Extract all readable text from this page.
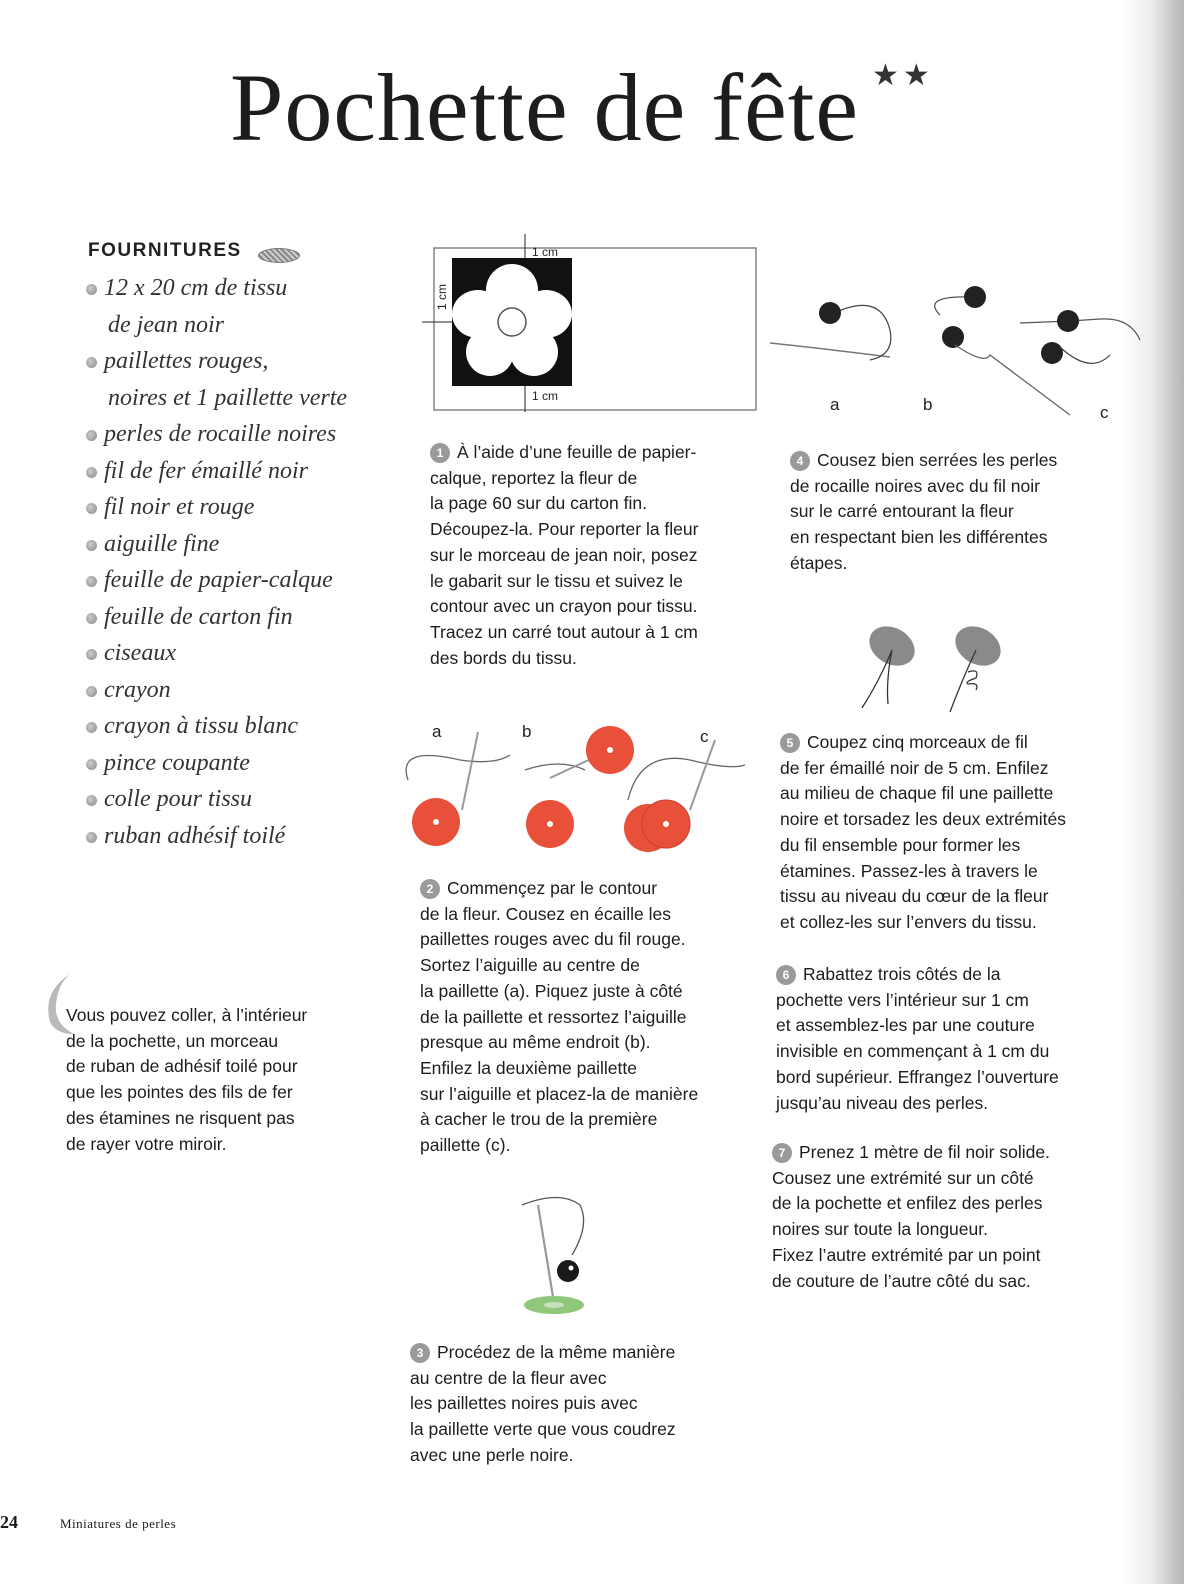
Pochette de fête ★★
FOURNITURES
12 x 20 cm de tissu
de jean noir
paillettes rouges,
noires et 1 paillette verte
perles de rocaille noires
fil de fer émaillé noir
fil noir et rouge
aiguille fine
feuille de papier-calque
feuille de carton fin
ciseaux
crayon
crayon à tissu blanc
pince coupante
colle pour tissu
ruban adhésif toilé
1 cm
1 cm
1 cm
1 À l’aide d’une feuille de papier-
calque, reportez la fleur de
la page 60 sur du carton fin.
Découpez-la. Pour reporter la fleur
sur le morceau de jean noir, posez
le gabarit sur le tissu et suivez le
contour avec un crayon pour tissu.
Tracez un carré tout autour à 1 cm
des bords du tissu.
a	b	c
4 Cousez bien serrées les perles
de rocaille noires avec du fil noir
sur le carré entourant la fleur
en respectant bien les différentes
étapes.
a	b	c	5 Coupez cinq morceaux de fil
de fer émaillé noir de 5 cm. Enfilez
au milieu de chaque fil une paillette
noire et torsadez les deux extrémités
du fil ensemble pour former les
étamines. Passez-les à travers le
tissu au niveau du cœur de la fleur
et collez-les sur l’envers du tissu.
2 Commençez par le contour
de la fleur. Cousez en écaille les
paillettes rouges avec du fil rouge.
Sortez l’aiguille au centre de
la paillette (a). Piquez juste à côté
de la paillette et ressortez l’aiguille
presque au même endroit (b).
Enfilez la deuxième paillette
sur l’aiguille et placez-la de manière
à cacher le trou de la première
paillette (c).
6 Rabattez trois côtés de la
pochette vers l’intérieur sur 1 cm
et assemblez-les par une couture
invisible en commençant à 1 cm du
bord supérieur. Effrangez l’ouverture
jusqu’au niveau des perles.
Vous pouvez coller, à l’intérieur
de la pochette, un morceau
de ruban de adhésif toilé pour
que les pointes des fils de fer
des étamines ne risquent pas
de rayer votre miroir.	7 Prenez 1 mètre de fil noir solide.
Cousez une extrémité sur un côté
de la pochette et enfilez des perles
noires sur toute la longueur.
Fixez l’autre extrémité par un point
de couture de l’autre côté du sac.
3 Procédez de la même manière
au centre de la fleur avec
les paillettes noires puis avec
la paillette verte que vous coudrez
avec une perle noire.
24	Miniatures de perles
